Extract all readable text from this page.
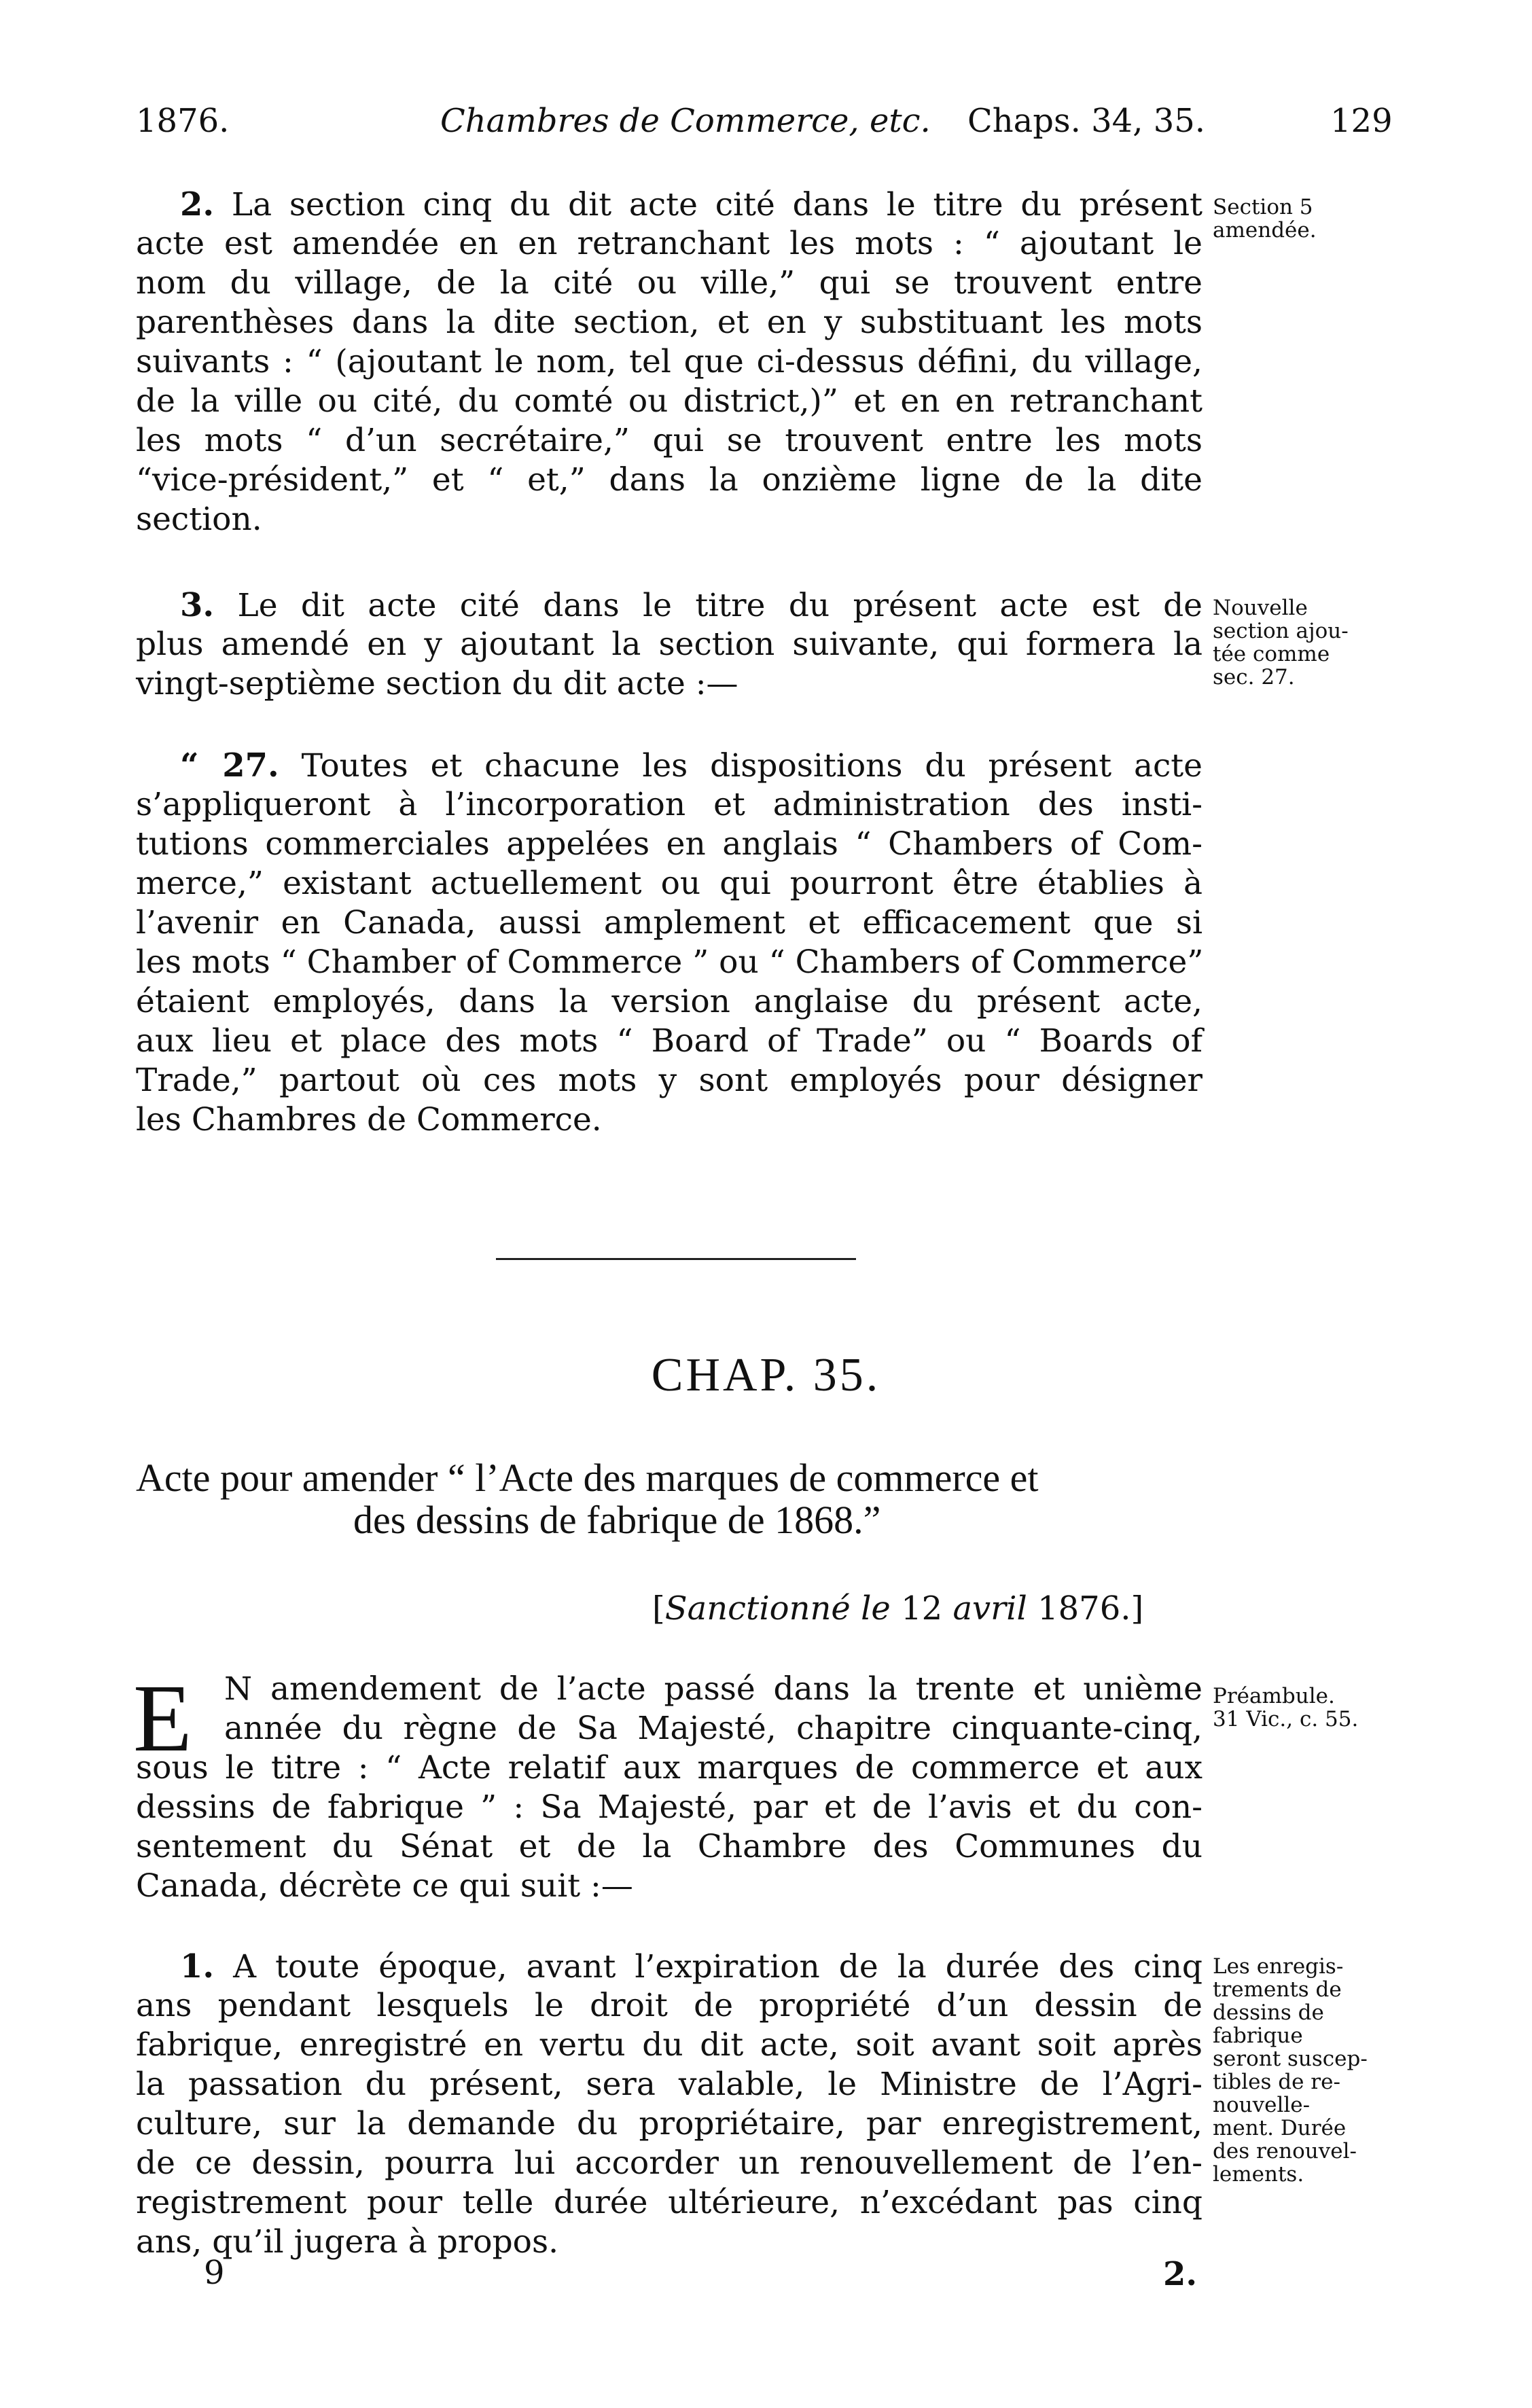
1876.	Chambres de Commerce, etc. Chaps. 34, 35.	129
2. La section cinq du dit acte cité dans le titre du présent
acte est amendée en en retranchant les mots : “ ajoutant le
nom du village, de la cité ou ville,” qui se trouvent entre
parenthèses dans la dite section, et en y substituant les mots
suivants : “ (ajoutant le nom, tel que ci-dessus défini, du village,
de la ville ou cité, du comté ou district,)” et en en retranchant
les mots “ d’un secrétaire,” qui se trouvent entre les mots
“vice-président,” et “ et,” dans la onzième ligne de la dite
section.
Section 5
amendée.
3. Le dit acte cité dans le titre du présent acte est de
plus amendé en y ajoutant la section suivante, qui formera la
vingt-septième section du dit acte :—
Nouvelle
section ajou-
tée comme
sec. 27.
“ 27. Toutes et chacune les dispositions du présent acte
s’appliqueront à l’incorporation et administration des insti-
tutions commerciales appelées en anglais “ Chambers of Com-
merce,” existant actuellement ou qui pourront être établies à
l’avenir en Canada, aussi amplement et efficacement que si
les mots “ Chamber of Commerce ” ou “ Chambers of Commerce”
étaient employés, dans la version anglaise du présent acte,
aux lieu et place des mots “ Board of Trade” ou “ Boards of
Trade,” partout où ces mots y sont employés pour désigner
les Chambres de Commerce.
CHAP. 35.
Acte pour amender “ l’Acte des marques de commerce et
des dessins de fabrique de 1868.”
[Sanctionné le 12 avril 1876.]
E N amendement de l’acte passé dans la trente et unième
année du règne de Sa Majesté, chapitre cinquante-cinq,
sous le titre : “ Acte relatif aux marques de commerce et aux
dessins de fabrique ” : Sa Majesté, par et de l’avis et du con-
sentement du Sénat et de la Chambre des Communes du
Canada, décrète ce qui suit :—
Préambule.
31 Vic., c. 55.
1. A toute époque, avant l’expiration de la durée des cinq
ans pendant lesquels le droit de propriété d’un dessin de
fabrique, enregistré en vertu du dit acte, soit avant soit après
la passation du présent, sera valable, le Ministre de l’Agri-
culture, sur la demande du propriétaire, par enregistrement,
de ce dessin, pourra lui accorder un renouvellement de l’en-
registrement pour telle durée ultérieure, n’excédant pas cinq
ans, qu’il jugera à propos.
Les enregis-
trements de
dessins de
fabrique
seront suscep-
tibles de re-
nouvelle-
ment. Durée
des renouvel-
lements.
9	2.
